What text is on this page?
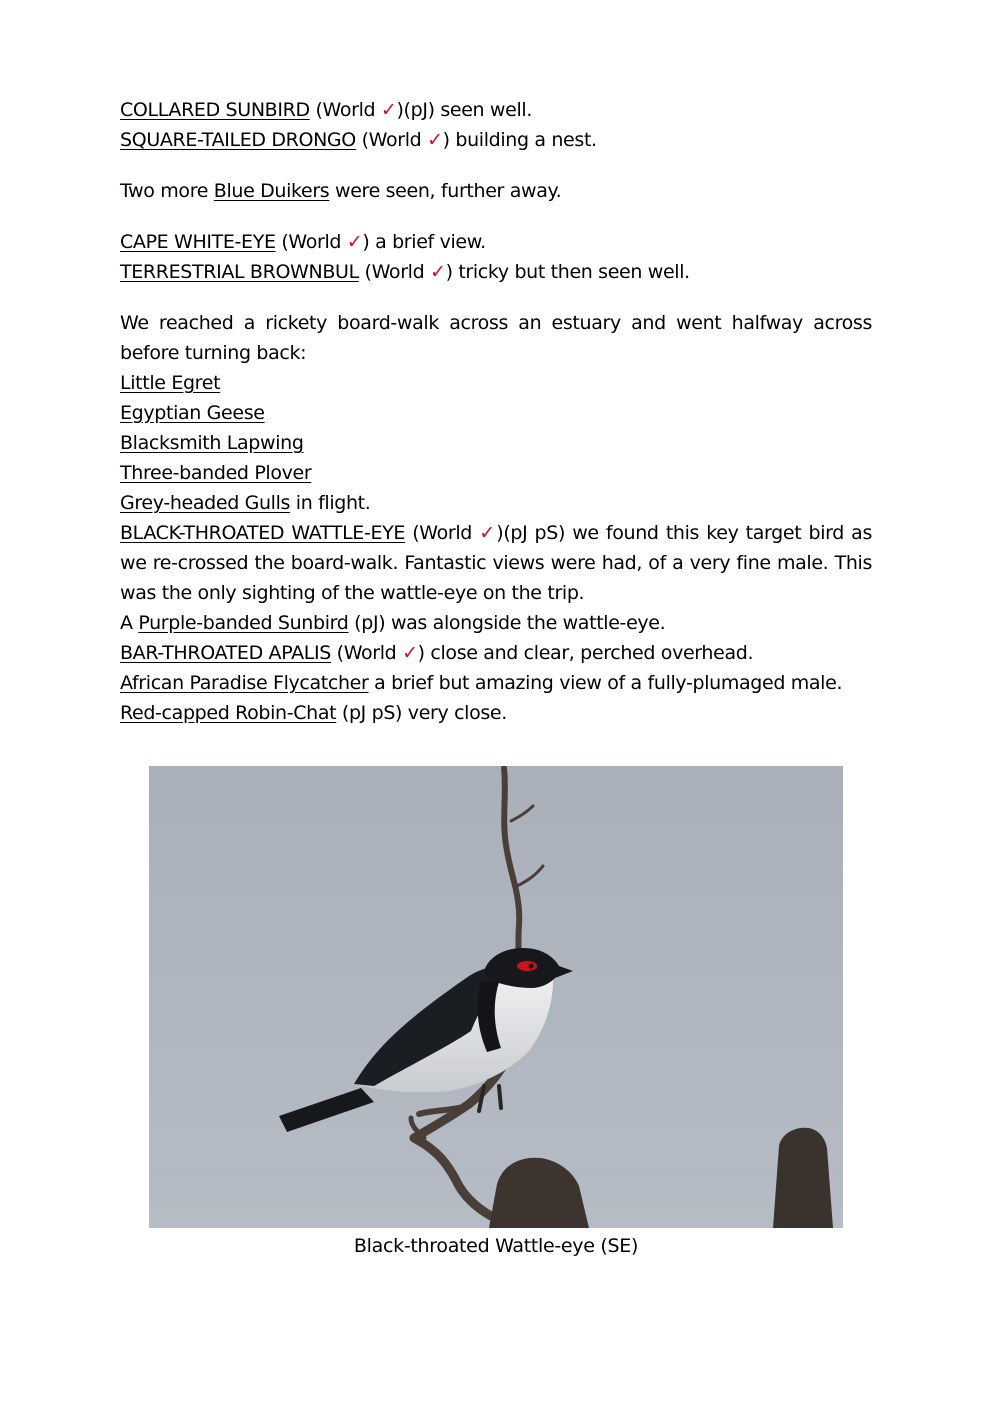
COLLARED SUNBIRD (World ✓)(pJ) seen well.
SQUARE-TAILED DRONGO (World ✓) building a nest.
Two more Blue Duikers were seen, further away.
CAPE WHITE-EYE (World ✓) a brief view.
TERRESTRIAL BROWNBUL (World ✓) tricky but then seen well.
We reached a rickety board-walk across an estuary and went halfway across before turning back:
Little Egret
Egyptian Geese
Blacksmith Lapwing
Three-banded Plover
Grey-headed Gulls in flight.
BLACK-THROATED WATTLE-EYE (World ✓)(pJ pS) we found this key target bird as we re-crossed the board-walk. Fantastic views were had, of a very fine male. This was the only sighting of the wattle-eye on the trip.
A Purple-banded Sunbird (pJ) was alongside the wattle-eye.
BAR-THROATED APALIS (World ✓) close and clear, perched overhead.
African Paradise Flycatcher a brief but amazing view of a fully-plumaged male.
Red-capped Robin-Chat (pJ pS) very close.
Black-throated Wattle-eye (SE)
